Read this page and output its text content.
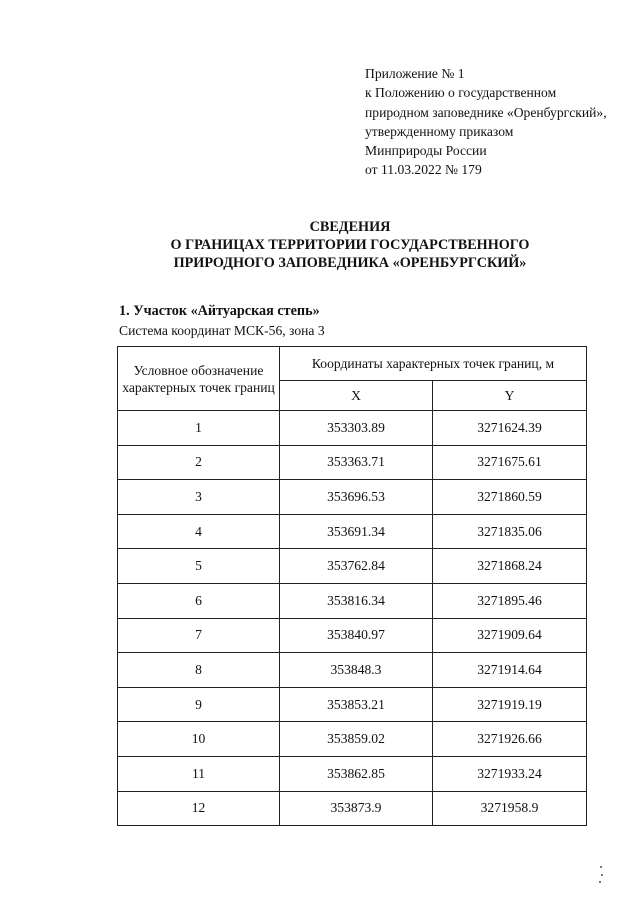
Приложение № 1
к Положению о государственном
природном заповеднике «Оренбургский»,
утвержденному приказом
Минприроды России
от 11.03.2022 № 179
СВЕДЕНИЯ
О ГРАНИЦАХ ТЕРРИТОРИИ ГОСУДАРСТВЕННОГО
ПРИРОДНОГО ЗАПОВЕДНИКА «ОРЕНБУРГСКИЙ»
1. Участок «Айтуарская степь»
Система координат МСК-56, зона 3
Условное обозначение характерных точек границ	Координаты характерных точек границ, м	
	X	Y
1	353303.89	3271624.39
2	353363.71	3271675.61
3	353696.53	3271860.59
4	353691.34	3271835.06
5	353762.84	3271868.24
6	353816.34	3271895.46
7	353840.97	3271909.64
8	353848.3	3271914.64
9	353853.21	3271919.19
10	353859.02	3271926.66
11	353862.85	3271933.24
12	353873.9	3271958.9
